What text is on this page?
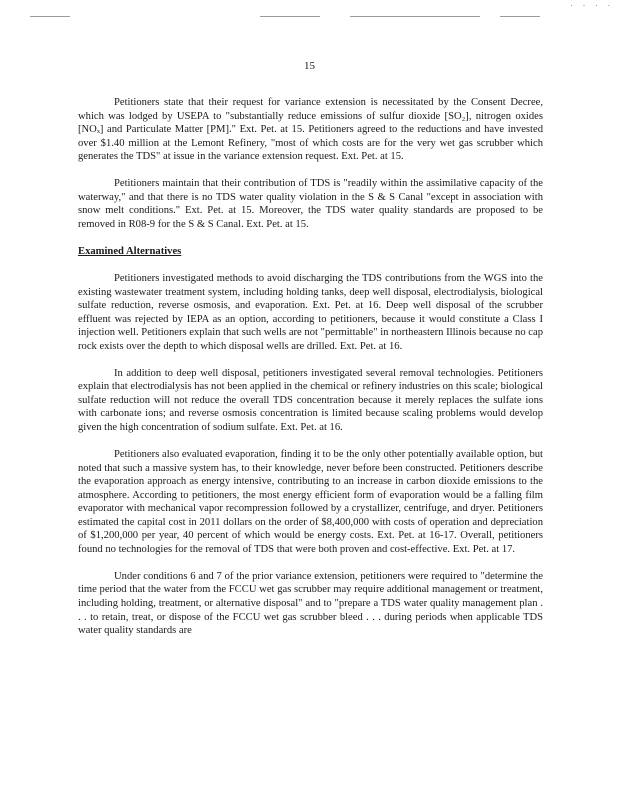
· · · ·
15

Petitioners state that their request for variance extension is necessitated by the Consent Decree, which was lodged by USEPA to "substantially reduce emissions of sulfur dioxide [SO₂], nitrogen oxides [NOₓ] and Particulate Matter [PM]." Ext. Pet. at 15. Petitioners agreed to the reductions and have invested over $1.40 million at the Lemont Refinery, "most of which costs are for the very wet gas scrubber which generates the TDS" at issue in the variance extension request. Ext. Pet. at 15.

Petitioners maintain that their contribution of TDS is "readily within the assimilative capacity of the waterway," and that there is no TDS water quality violation in the S & S Canal "except in association with snow melt conditions." Ext. Pet. at 15. Moreover, the TDS water quality standards are proposed to be removed in R08-9 for the S & S Canal. Ext. Pet. at 15.

Examined Alternatives

Petitioners investigated methods to avoid discharging the TDS contributions from the WGS into the existing wastewater treatment system, including holding tanks, deep well disposal, electrodialysis, biological sulfate reduction, reverse osmosis, and evaporation. Ext. Pet. at 16. Deep well disposal of the scrubber effluent was rejected by IEPA as an option, according to petitioners, because it would constitute a Class I injection well. Petitioners explain that such wells are not "permittable" in northeastern Illinois because no cap rock exists over the depth to which disposal wells are drilled. Ext. Pet. at 16.

In addition to deep well disposal, petitioners investigated several removal technologies. Petitioners explain that electrodialysis has not been applied in the chemical or refinery industries on this scale; biological sulfate reduction will not reduce the overall TDS concentration because it merely replaces the sulfate ions with carbonate ions; and reverse osmosis concentration is limited because scaling problems would develop given the high concentration of sodium sulfate. Ext. Pet. at 16.

Petitioners also evaluated evaporation, finding it to be the only other potentially available option, but noted that such a massive system has, to their knowledge, never before been constructed. Petitioners describe the evaporation approach as energy intensive, contributing to an increase in carbon dioxide emissions to the atmosphere. According to petitioners, the most energy efficient form of evaporation would be a falling film evaporator with mechanical vapor recompression followed by a crystallizer, centrifuge, and dryer. Petitioners estimated the capital cost in 2011 dollars on the order of $8,400,000 with costs of operation and depreciation of $1,200,000 per year, 40 percent of which would be energy costs. Ext. Pet. at 16-17. Overall, petitioners found no technologies for the removal of TDS that were both proven and cost-effective. Ext. Pet. at 17.

Under conditions 6 and 7 of the prior variance extension, petitioners were required to "determine the time period that the water from the FCCU wet gas scrubber may require additional management or treatment, including holding, treatment, or alternative disposal" and to "prepare a TDS water quality management plan . . . to retain, treat, or dispose of the FCCU wet gas scrubber bleed . . . during periods when applicable TDS water quality standards are
